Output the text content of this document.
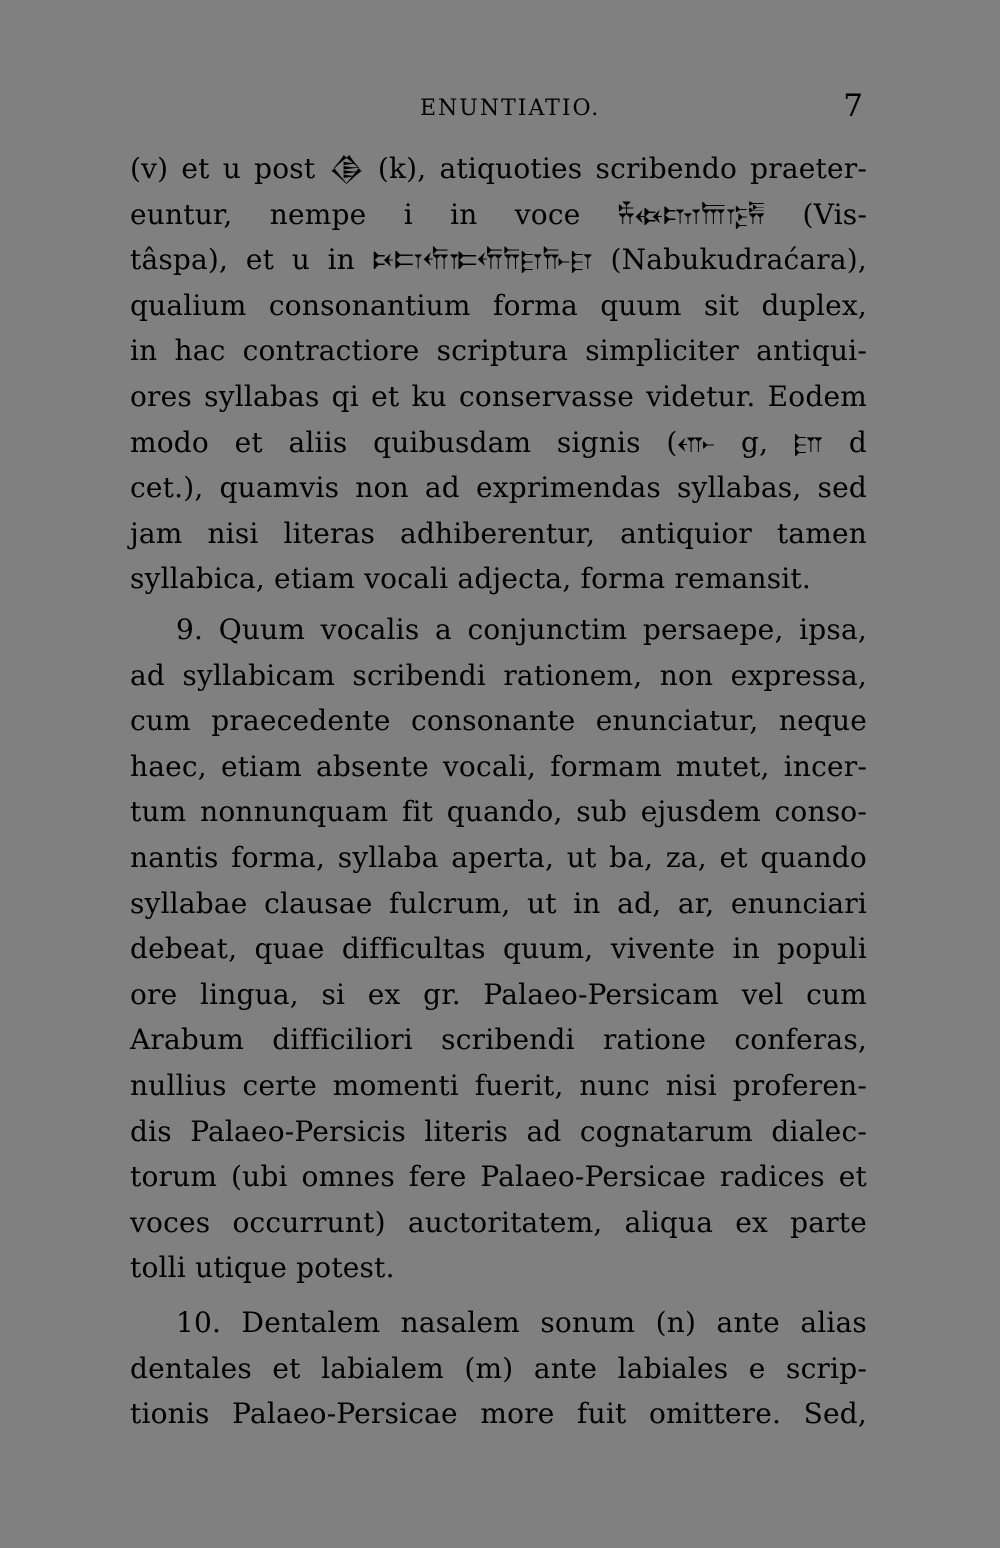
ENUNTIATIO.	7
(v) et u post 𒆠 (k), atiquoties scribendo praeter-
euntur, nempe i in voce 𐎻𐏃𐎫𐎠𐎿𐎱 (Vis-
tâspa), et u in 𐎴𐎲𐎢𐎣𐎢𐎭𐎼𐎨𐎼 (Nabukudraćara),
qualium consonantium forma quum sit duplex,
in hac contractiore scriptura simpliciter antiqui-
ores syllabas qi et ku conservasse videtur. Eodem
modo et aliis quibusdam signis (𐎥 g, 𐎮 d
cet.), quamvis non ad exprimendas syllabas, sed
jam nisi literas adhiberentur, antiquior tamen
syllabica, etiam vocali adjecta, forma remansit.
9. Quum vocalis a conjunctim persaepe, ipsa,
ad syllabicam scribendi rationem, non expressa,
cum praecedente consonante enunciatur, neque
haec, etiam absente vocali, formam mutet, incer-
tum nonnunquam fit quando, sub ejusdem conso-
nantis forma, syllaba aperta, ut ba, za, et quando
syllabae clausae fulcrum, ut in ad, ar, enunciari
debeat, quae difficultas quum, vivente in populi
ore lingua, si ex gr. Palaeo-Persicam vel cum
Arabum difficiliori scribendi ratione conferas,
nullius certe momenti fuerit, nunc nisi proferen-
dis Palaeo-Persicis literis ad cognatarum dialec-
torum (ubi omnes fere Palaeo-Persicae radices et
voces occurrunt) auctoritatem, aliqua ex parte
tolli utique potest.
10. Dentalem nasalem sonum (n) ante alias
dentales et labialem (m) ante labiales e scrip-
tionis Palaeo-Persicae more fuit omittere. Sed,
